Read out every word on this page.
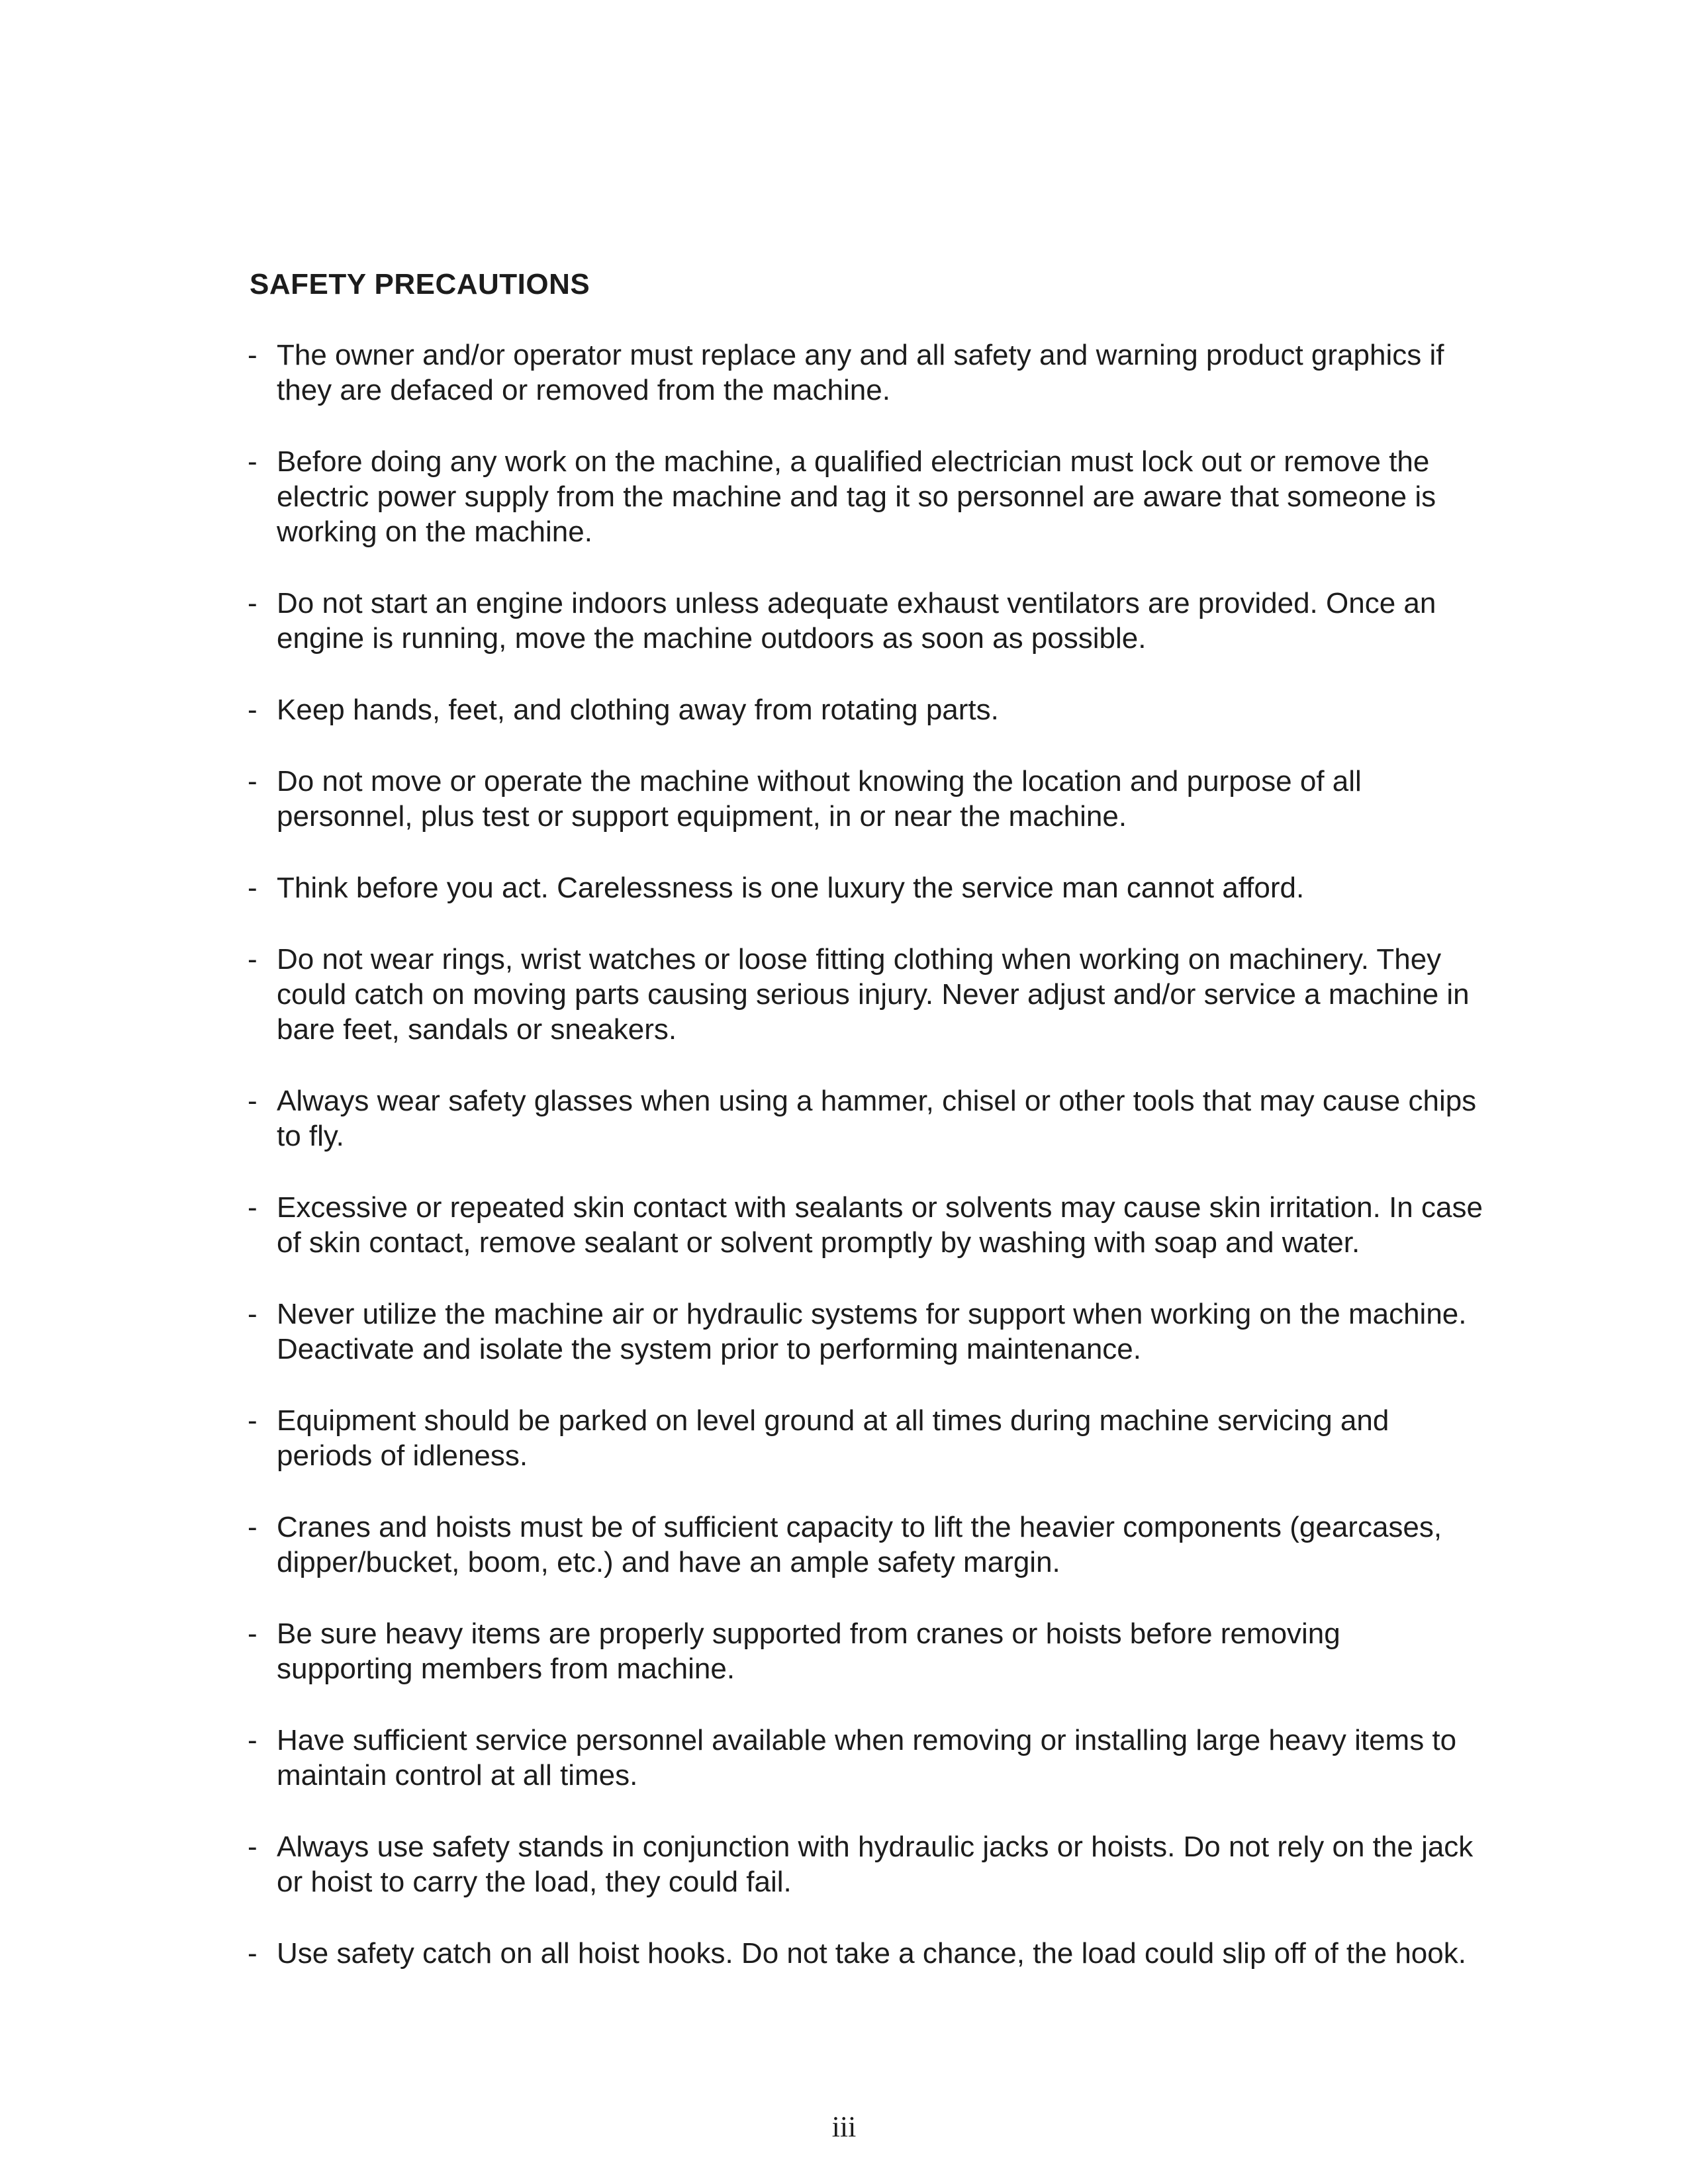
SAFETY PRECAUTIONS
- The owner and/or operator must replace any and all safety and warning product graphics if they are defaced or removed from the machine.
- Before doing any work on the machine, a qualified electrician must lock out or remove the electric power supply from the machine and tag it so personnel are aware that someone is working on the machine.
- Do not start an engine indoors unless adequate exhaust ventilators are provided. Once an engine is running, move the machine outdoors as soon as possible.
- Keep hands, feet, and clothing away from rotating parts.
- Do not move or operate the machine without knowing the location and purpose of all personnel, plus test or support equipment, in or near the machine.
- Think before you act. Carelessness is one luxury the service man cannot afford.
- Do not wear rings, wrist watches or loose fitting clothing when working on machinery. They could catch on moving parts causing serious injury. Never adjust and/or service a machine in bare feet, sandals or sneakers.
- Always wear safety glasses when using a hammer, chisel or other tools that may cause chips to fly.
- Excessive or repeated skin contact with sealants or solvents may cause skin irritation. In case of skin contact, remove sealant or solvent promptly by washing with soap and water.
- Never utilize the machine air or hydraulic systems for support when working on the machine. Deactivate and isolate the system prior to performing maintenance.
- Equipment should be parked on level ground at all times during machine servicing and periods of idleness.
- Cranes and hoists must be of sufficient capacity to lift the heavier components (gearcases, dipper/bucket, boom, etc.) and have an ample safety margin.
- Be sure heavy items are properly supported from cranes or hoists before removing supporting members from machine.
- Have sufficient service personnel available when removing or installing large heavy items to maintain control at all times.
- Always use safety stands in conjunction with hydraulic jacks or hoists. Do not rely on the jack or hoist to carry the load, they could fail.
- Use safety catch on all hoist hooks. Do not take a chance, the load could slip off of the hook.
iii
